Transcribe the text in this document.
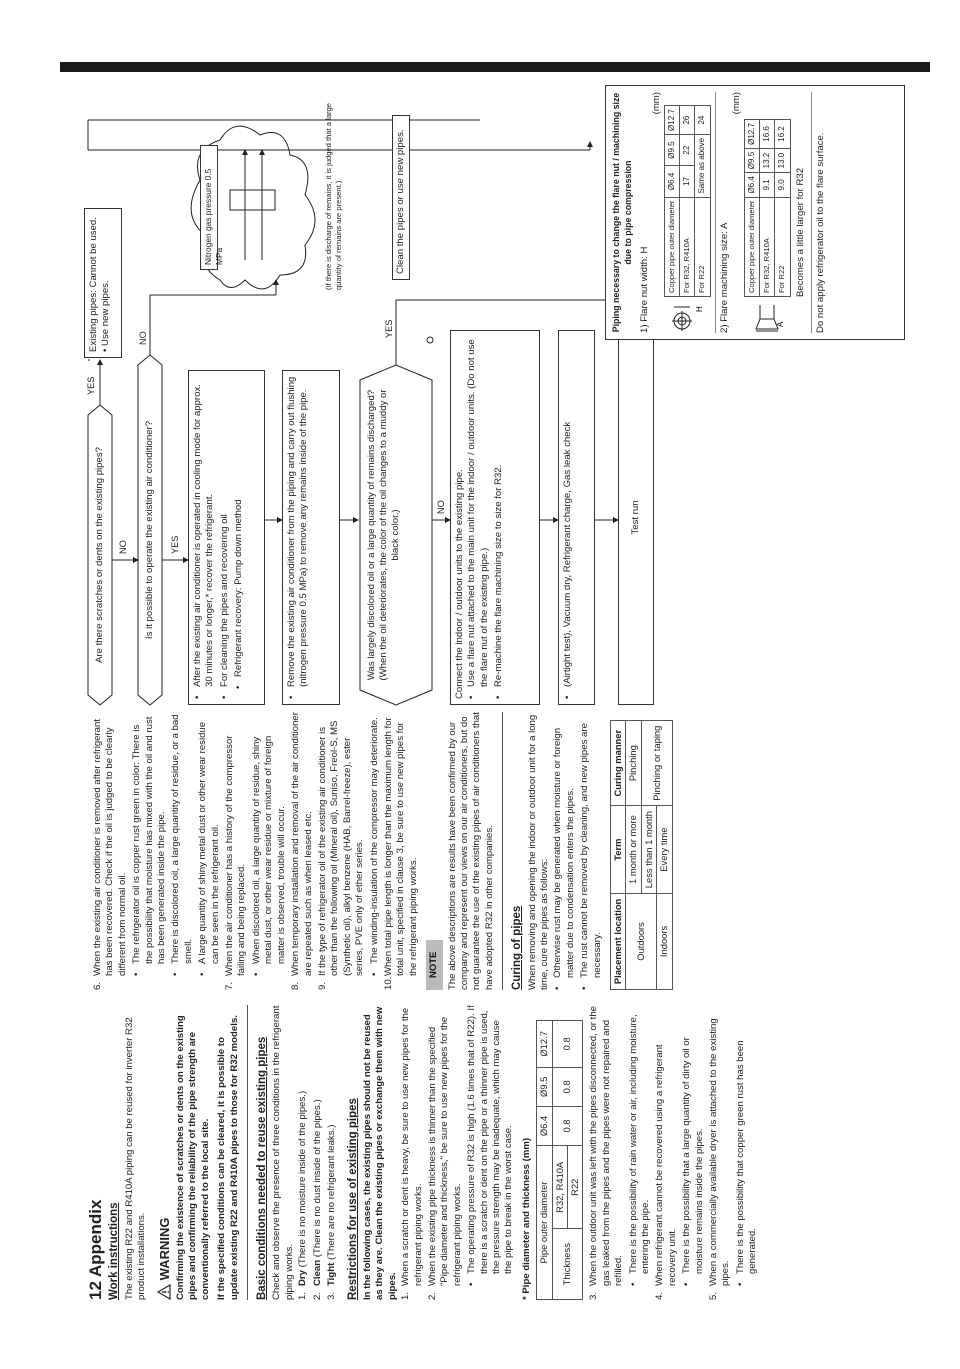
12 Appendix Work instructions The existing R22 and R410A piping can be reused for inverter R32 product installations. WARNING Confirming the existence of scratches or dents on the existing pipes and confirming the reliability of the pipe strength are conventionally referred to the local site. If the specified conditions can be cleared, it is possible to update existing R22 and R410A pipes to those for R32 models. Basic conditions needed to reuse existing pipes Check and observe the presence of three conditions in the refrigerant piping works. 1.
Dry (There is no moisture inside of the pipes.)
2.
Clean (There is no dust inside of the pipes.)
3.
Tight (There are no refrigerant leaks.) Restrictions for use of existing pipes In the following cases, the existing pipes should not be reused as they are. Clean the existing pipes or exchange them with new pipes. 1.
When a scratch or dent is heavy, be sure to use new pipes for the refrigerant piping works.
2.
When the existing pipe thickness is thinner than the specified "Pipe diameter and thickness," be sure to use new pipes for the refrigerant piping works. •
The operating pressure of R32 is high (1.6 times that of R22). If there is a scratch or dent on the pipe or a thinner pipe is used, the pressure strength may be inadequate, which may cause the pipe to break in the worst case. * Pipe diameter and thickness (mm) Pipe outer diameter		Ø6.4	Ø9.5	Ø12.7
Thickness	R32, R410A	0.8	0.8	0.8
	R22			
3.
When the outdoor unit was left with the pipes disconnected, or the gas leaked from the pipes and the pipes were not repaired and refilled. •
There is the possibility of rain water or air, including moisture, entering the pipe.
4.
When refrigerant cannot be recovered using a refrigerant recovery unit. •
There is the possibility that a large quantity of dirty oil or moisture remains inside the pipes.
5.
When a commercially available dryer is attached to the existing pipes. •
There is the possibility that copper green rust has been generated.
6.
When the existing air conditioner is removed after refrigerant has been recovered. Check if the oil is judged to be clearly different from normal oil. •
The refrigerator oil is copper rust green in color: There is the possibility that moisture has mixed with the oil and rust has been generated inside the pipe.
•
There is discolored oil, a large quantity of residue, or a bad smell.
•
A large quantity of shiny metal dust or other wear residue can be seen in the refrigerant oil.
7.
When the air conditioner has a history of the compressor failing and being replaced. •
When discolored oil, a large quantity of residue, shiny metal dust, or other wear residue or mixture of foreign matter is observed, trouble will occur.
8.
When temporary installation and removal of the air conditioner are repeated such as when leased etc.
9.
If the type of refrigerator oil of the existing air conditioner is other than the following oil (Mineral oil), Suniso, Freol-S, MS (Synthetic oil), alkyl benzene (HAB, Barrel-freeze), ester series, PVE only of ether series. •
The winding-insulation of the compressor may deteriorate.
10.
When total pipe length is longer than the maximum length for total unit, specified in clause 3, be sure to use new pipes for the refrigerant piping works. NOTE The above descriptions are results have been confirmed by our company and represent our views on our air conditioners, but do not guarantee the use of the existing pipes of air conditioners that have adopted R32 in other companies. Curing of pipes When removing and opening the indoor or outdoor unit for a long time, cure the pipes as follows: •
Otherwise rust may be generated when moisture or foreign matter due to condensation enters the pipes.
•
The rust cannot be removed by cleaning, and new pipes are necessary. Placement location	Term	Curing manner
Outdoors	1 month or more	Pinching
	Less than 1 month	Pinching or taping
Indoors	Every time	
Are there scratches or dents on the existing pipes?
YES
NO
Existing pipes: Cannot be used. • Use new pipes.
Is it possible to operate the existing air conditioner? YES
NO
•
After the existing air conditioner is operated in cooling mode for approx. 30 minutes or longer,* recover the refrigerant.
•
For cleaning the pipes and recovering oil
•
Refrigerant recovery: Pump down method
•
Remove the existing air conditioner from the piping and carry out flushing (nitrogen pressure 0.5 MPa) to remove any remains inside of the pipe.
Nitrogen gas pressure 0.5 MPa	(If there is discharge of remains, it is judged that a large quantity of remains are present.)
Was largely discolored oil or a large quantity of remains discharged? (When the oil deteriorates, the color of the oil changes to a muddy or black color.)
YES
NO
Clean the pipes or use new pipes.
Connect the indoor / outdoor units to the existing pipe. •
Use a flare nut attached to the main unit for the indoor / outdoor units. (Do not use the flare nut of the existing pipe.)
•
Re-machine the flare machining size to size for R32.
•
(Airtight test), Vacuum dry, Refrigerant charge, Gas leak check	Test run
Piping necessary to change the flare nut / machining size due to pipe compression
1) Flare nut width: H
(mm)
H
Copper pipe outer diameter	Ø6.4	Ø9.5	Ø12.7
For R32, R410A	17	22	26
For R22	Same as above		24
2) Flare machining size: A
(mm)
A
Copper pipe outer diameter	Ø6.4	Ø9.5	Ø12.7
For R32, R410A	9.1	13.2	16.6
For R22	9.0	13.0	16.2
Becomes a little larger for R32 Do not apply refrigerator oil to the flare surface.
